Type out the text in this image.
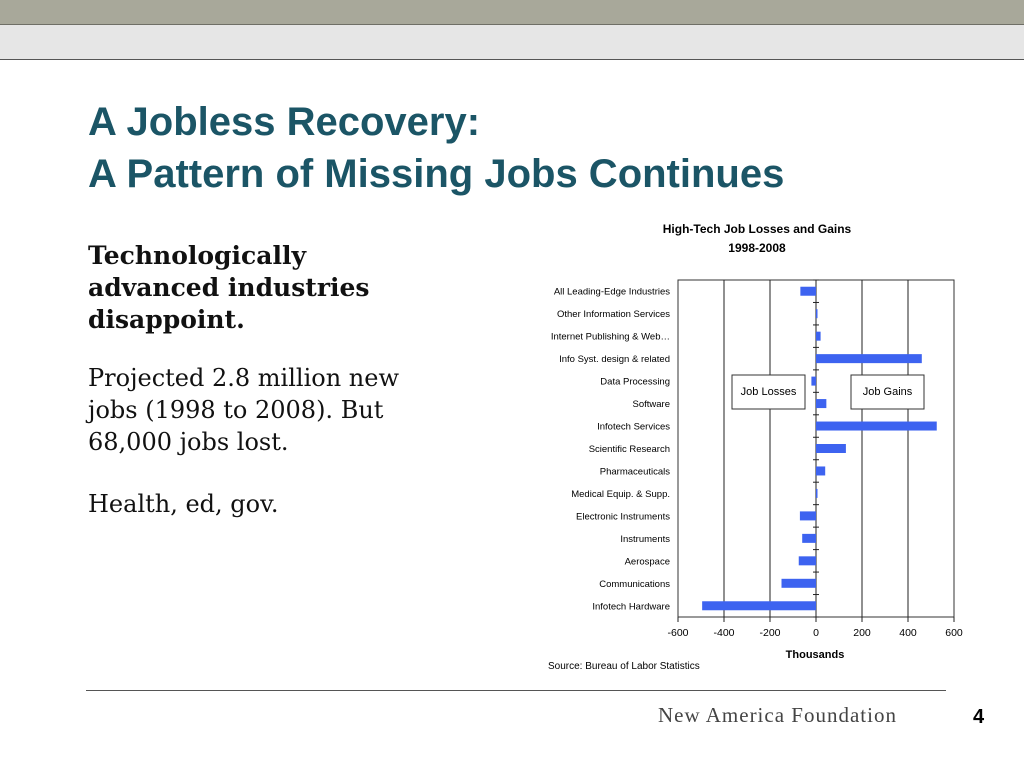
A Jobless Recovery:
A Pattern of Missing Jobs Continues

Technologically advanced industries disappoint.

Projected 2.8 million new jobs (1998 to 2008). But 68,000 jobs lost.

Health, ed, gov.

High-Tech Job Losses and Gains
1998-2008
All Leading-Edge Industries
Other Information Services
Internet Publishing & Web…
Info Syst. design & related
Data Processing
Software
Infotech Services
Scientific Research
Pharmaceuticals
Medical Equip. & Supp.
Electronic Instruments
Instruments
Aerospace
Communications
Infotech Hardware
-600 -400 -200	0	200	400	600
Job Losses	Job Gains
Thousands
Source: Bureau of Labor Statistics
New America Foundation	4
